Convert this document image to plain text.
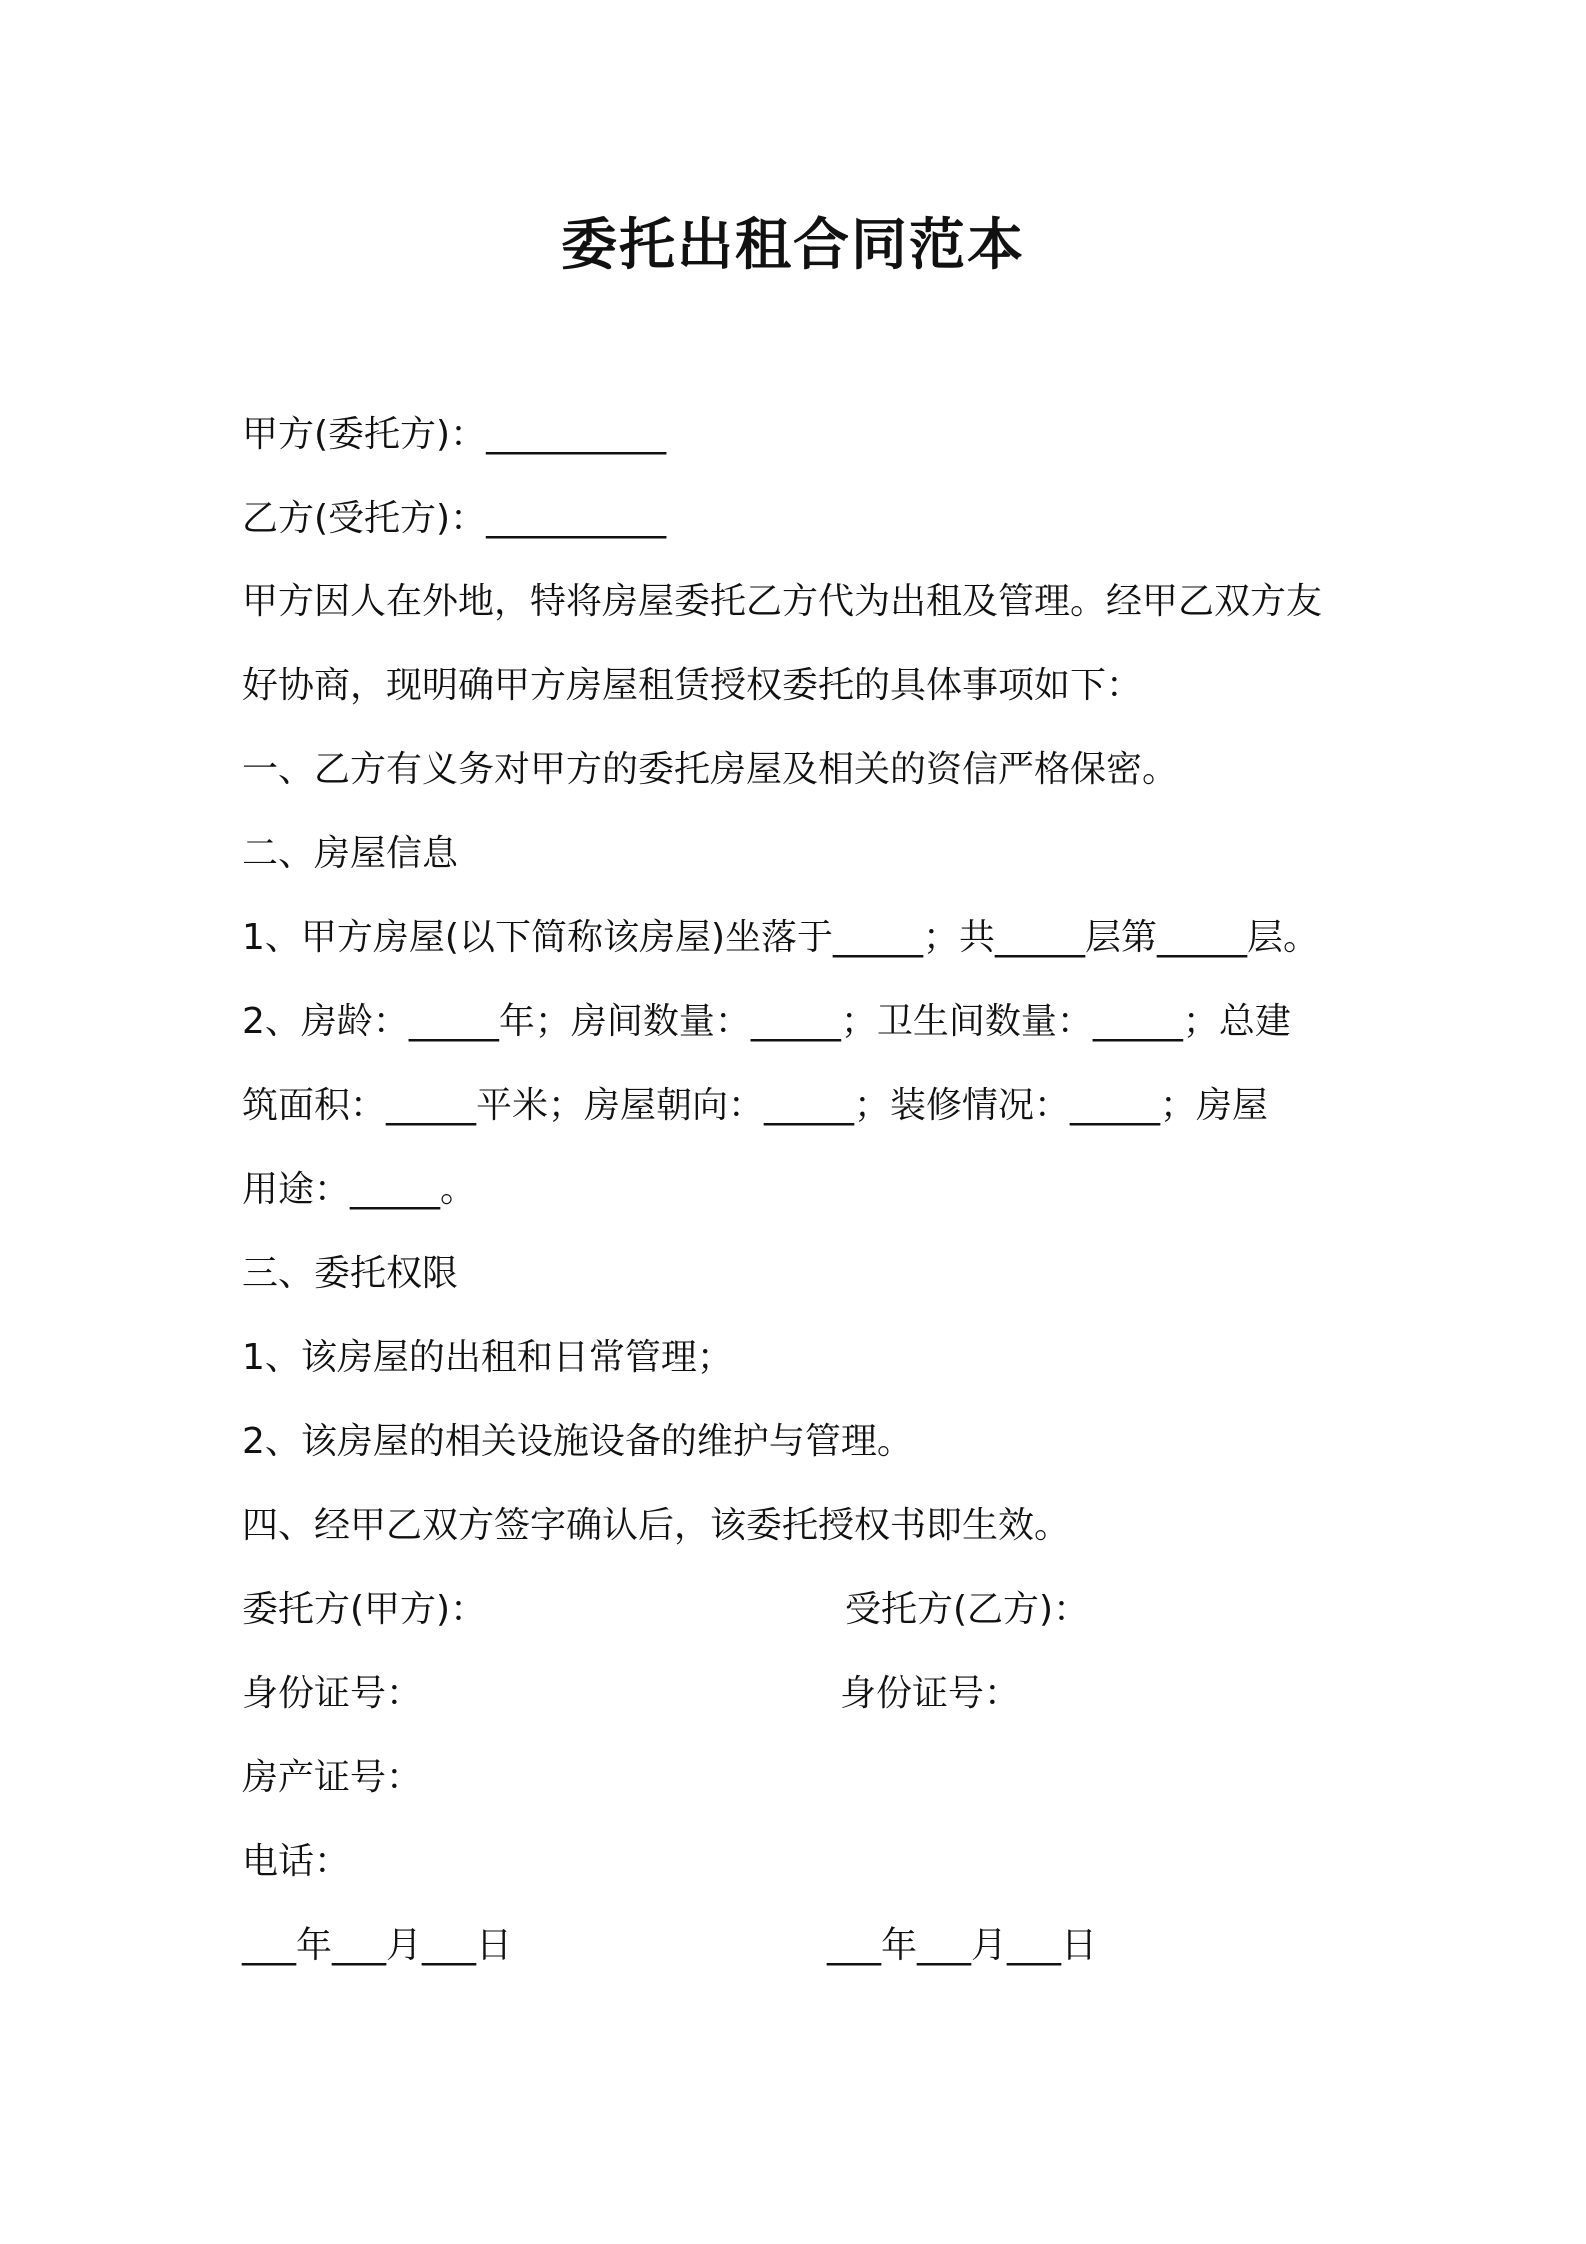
委托出租合同范本
甲方(委托方)：__________
乙方(受托方)：__________
甲方因人在外地，特将房屋委托乙方代为出租及管理。经甲乙双方友
好协商，现明确甲方房屋租赁授权委托的具体事项如下：
一、乙方有义务对甲方的委托房屋及相关的资信严格保密。
二、房屋信息
1、甲方房屋(以下简称该房屋)坐落于_____；共_____层第_____层。
2、房龄：_____年；房间数量：_____；卫生间数量：_____；总建
筑面积：_____平米；房屋朝向：_____；装修情况：_____；房屋
用途：_____。
三、委托权限
1、该房屋的出租和日常管理；
2、该房屋的相关设施设备的维护与管理。
四、经甲乙双方签字确认后，该委托授权书即生效。
委托方(甲方)：	受托方(乙方)：
身份证号：	身份证号：
房产证号：
电话：
___年___月___日	___年___月___日
